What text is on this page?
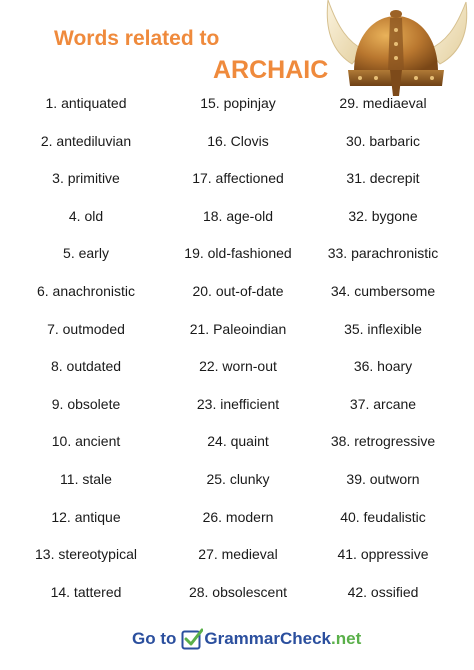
Words related to
ARCHAIC
1. antiquated
2. antediluvian
3. primitive
4. old
5. early
6. anachronistic
7. outmoded
8. outdated
9. obsolete
10. ancient
11. stale
12. antique
13. stereotypical
14. tattered
15. popinjay
16. Clovis
17. affectioned
18. age-old
19. old-fashioned
20. out-of-date
21. Paleoindian
22. worn-out
23. inefficient
24. quaint
25. clunky
26. modern
27. medieval
28. obsolescent
29. mediaeval
30. barbaric
31. decrepit
32. bygone
33. parachronistic
34. cumbersome
35. inflexible
36. hoary
37. arcane
38. retrogressive
39. outworn
40. feudalistic
41. oppressive
42. ossified
Go to GrammarCheck.net
